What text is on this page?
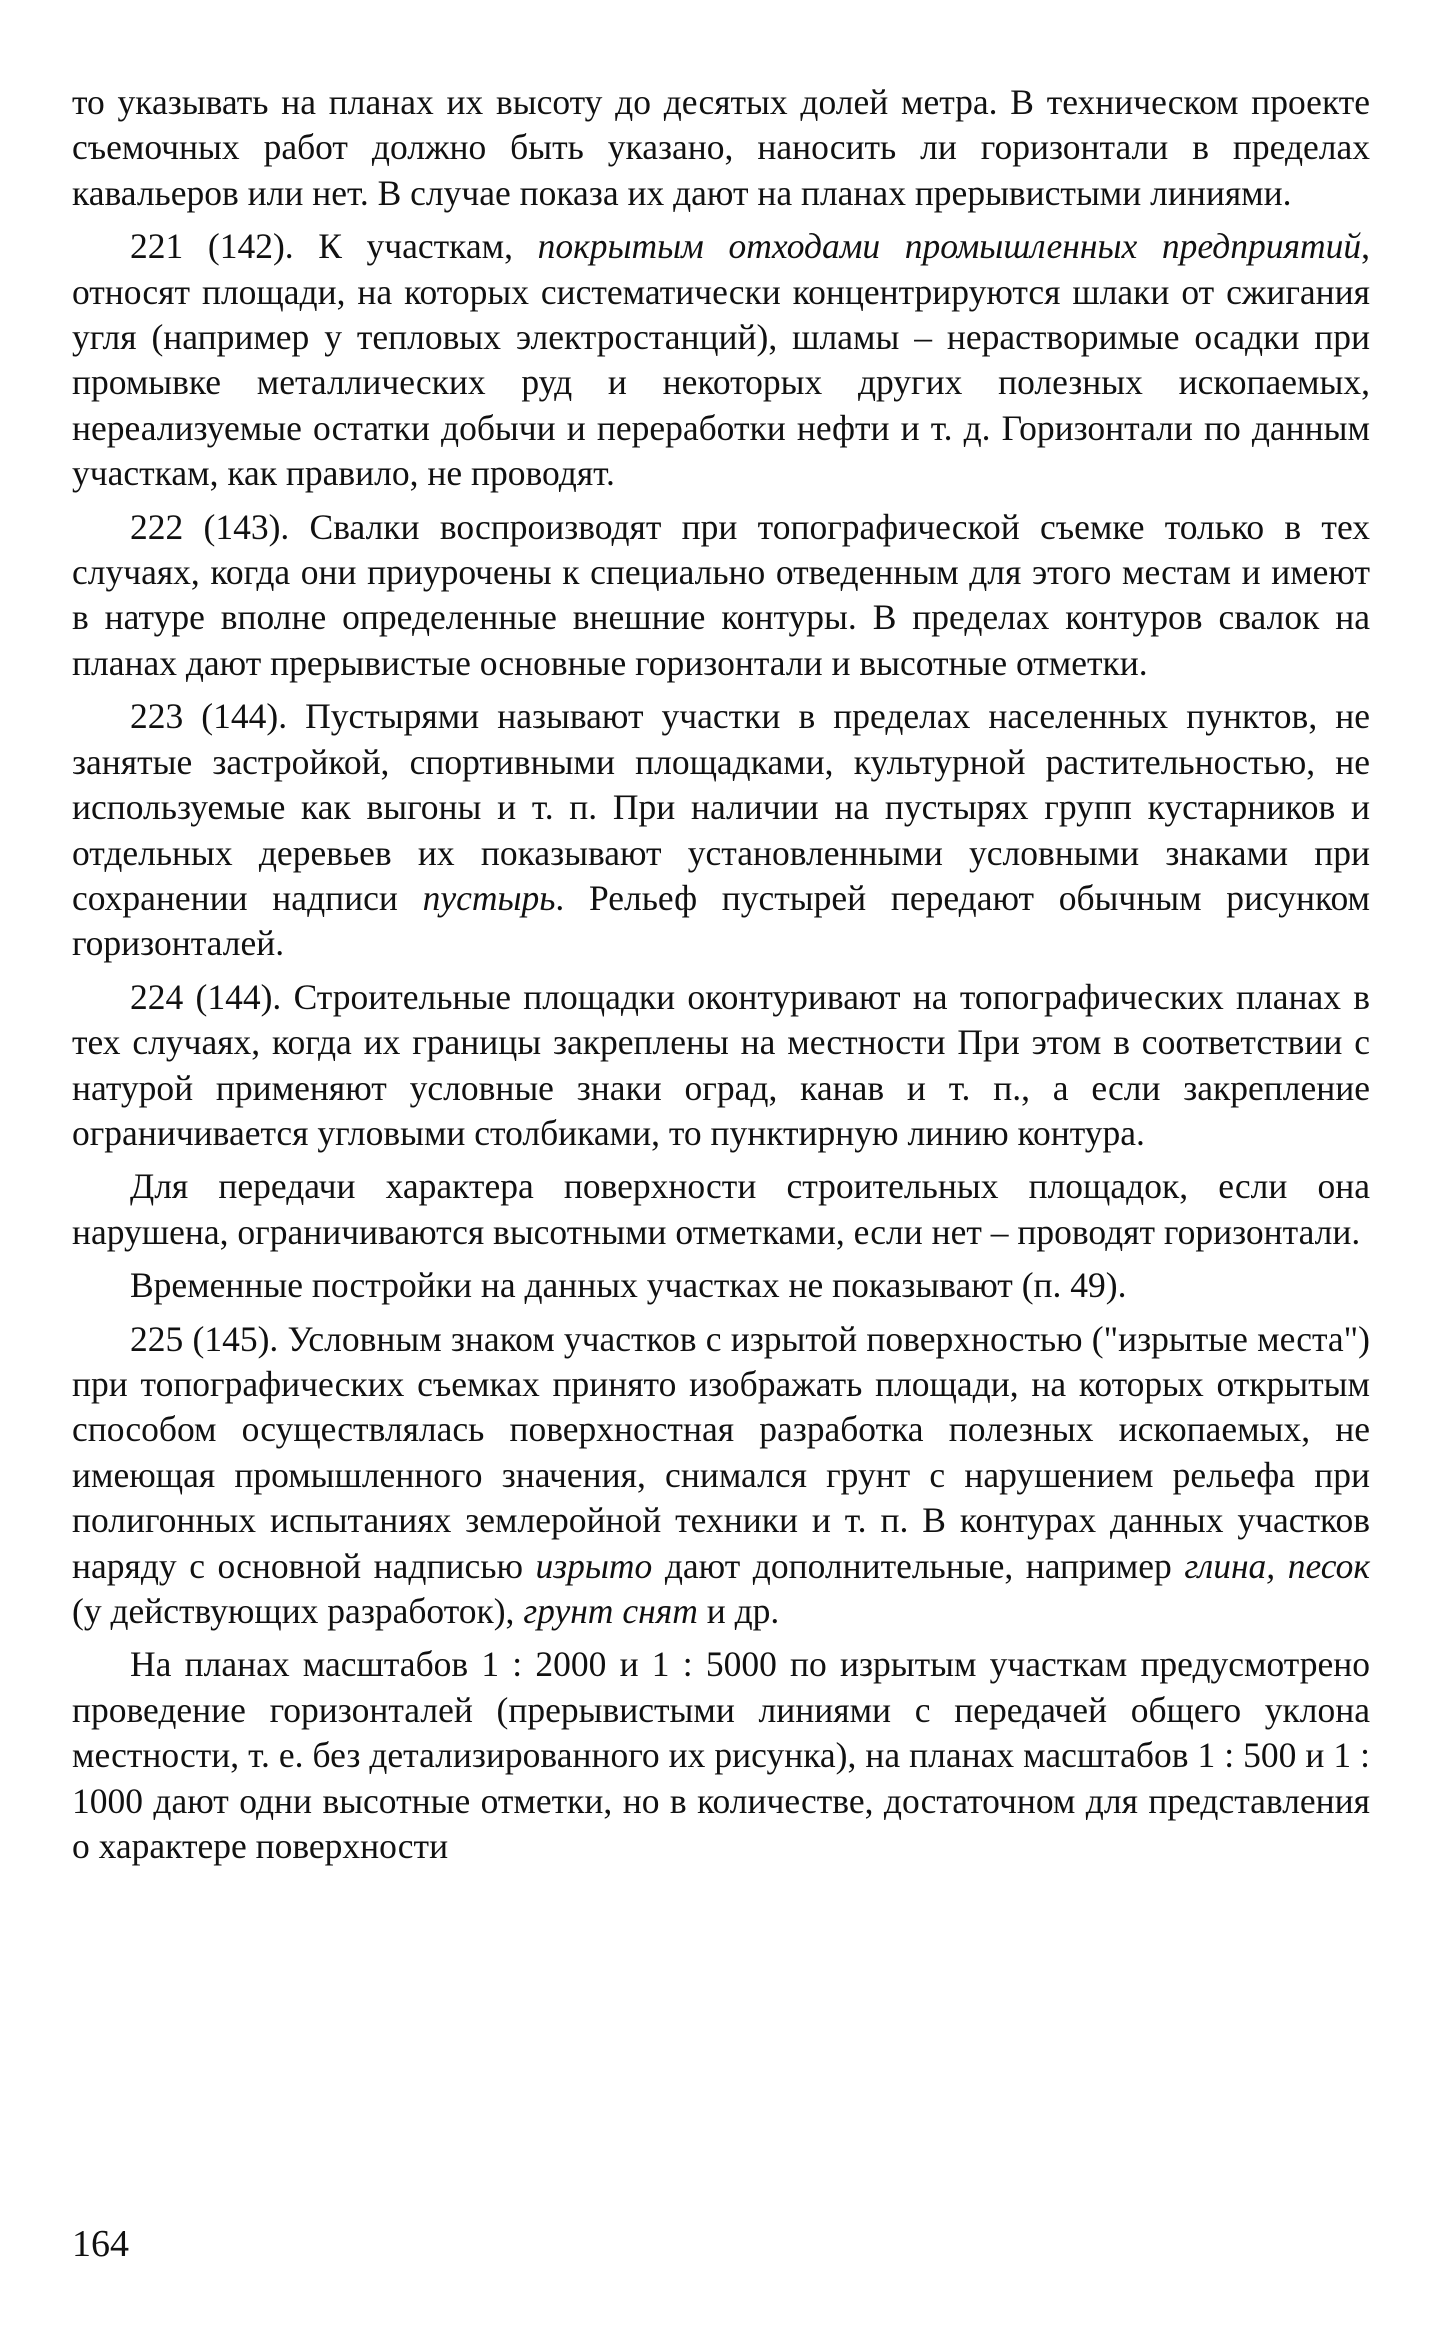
то указывать на планах их высоту до десятых долей метра. В техническом проекте съемочных работ должно быть указано, наносить ли горизонтали в пределах кавальеров или нет. В случае показа их дают на планах прерывистыми линиями.

221 (142). К участкам, покрытым отходами промышленных предприятий, относят площади, на которых систематически концентрируются шлаки от сжигания угля (например у тепловых электростанций), шламы – нерастворимые осадки при промывке металлических руд и некоторых других полезных ископаемых, нереализуемые остатки добычи и переработки нефти и т. д. Горизонтали по данным участкам, как правило, не проводят.

222 (143). Свалки воспроизводят при топографической съемке только в тех случаях, когда они приурочены к специально отведенным для этого местам и имеют в натуре вполне определенные внешние контуры. В пределах контуров свалок на планах дают прерывистые основные горизонтали и высотные отметки.

223 (144). Пустырями называют участки в пределах населенных пунктов, не занятые застройкой, спортивными площадками, культурной растительностью, не используемые как выгоны и т. п. При наличии на пустырях групп кустарников и отдельных деревьев их показывают установленными условными знаками при сохранении надписи пустырь. Рельеф пустырей передают обычным рисунком горизонталей.

224 (144). Строительные площадки оконтуривают на топографических планах в тех случаях, когда их границы закреплены на местности При этом в соответствии с натурой применяют условные знаки оград, канав и т. п., а если закрепление ограничивается угловыми столбиками, то пунктирную линию контура.

Для передачи характера поверхности строительных площадок, если она нарушена, ограничиваются высотными отметками, если нет – проводят горизонтали.

Временные постройки на данных участках не показывают (п. 49).

225 (145). Условным знаком участков с изрытой поверхностью ("изрытые места") при топографических съемках принято изображать площади, на которых открытым способом осуществлялась поверхностная разработка полезных ископаемых, не имеющая промышленного значения, снимался грунт с нарушением рельефа при полигонных испытаниях землеройной техники и т. п. В контурах данных участков наряду с основной надписью изрыто дают дополнительные, например глина, песок (у действующих разработок), грунт снят и др.

На планах масштабов 1 : 2000 и 1 : 5000 по изрытым участкам предусмотрено проведение горизонталей (прерывистыми линиями с передачей общего уклона местности, т. е. без детализированного их рисунка), на планах масштабов 1 : 500 и 1 : 1000 дают одни высотные отметки, но в количестве, достаточном для представления о характере поверхности

164
